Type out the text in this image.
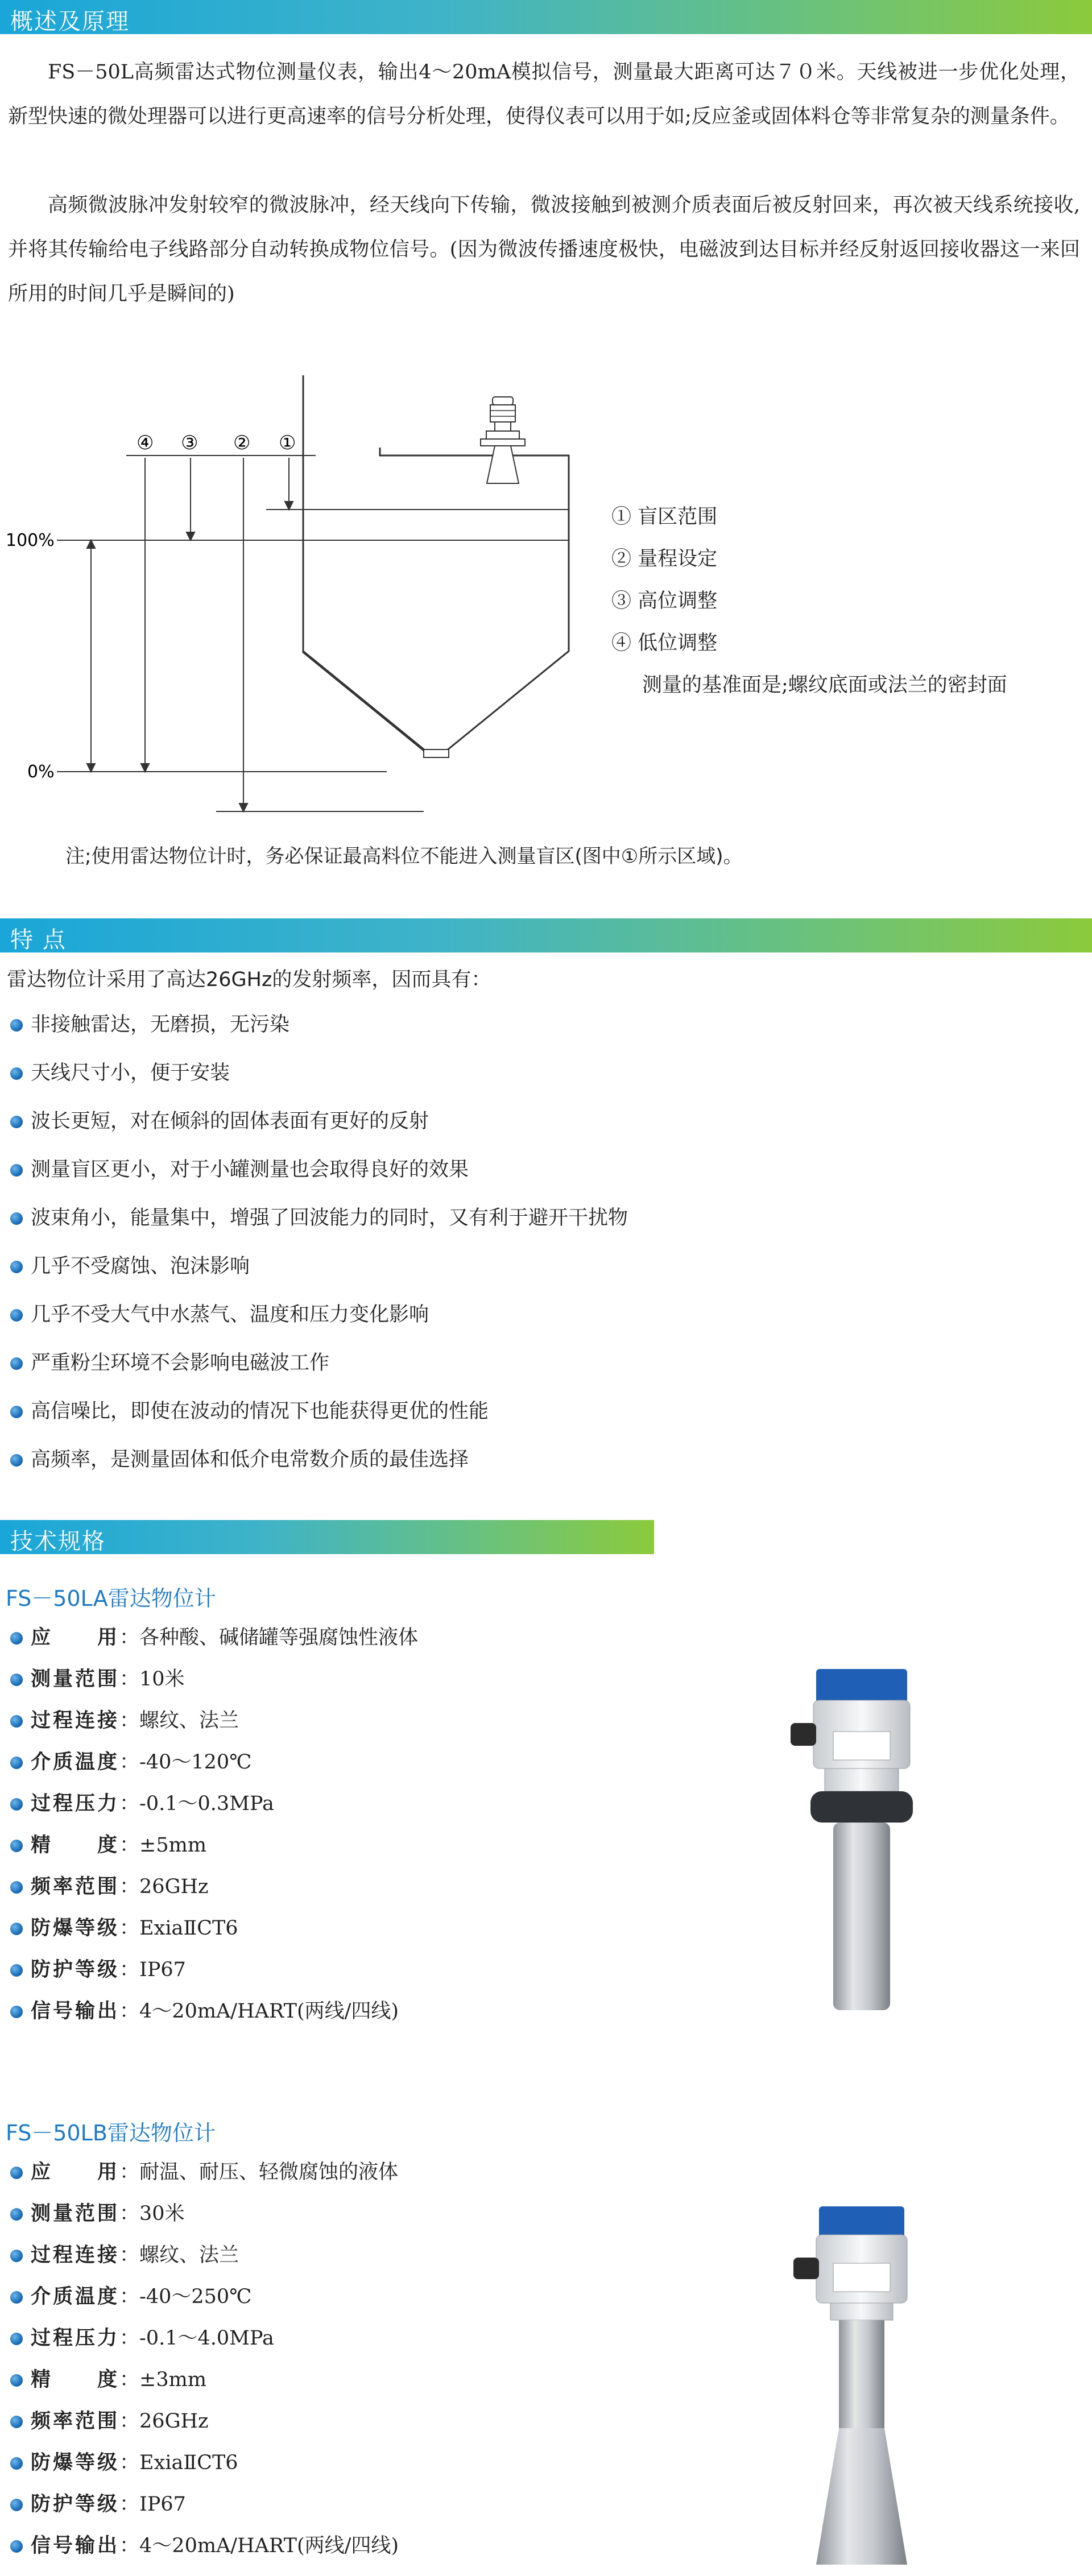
概述及原理

FS－50L高频雷达式物位测量仪表，输出4～20mA模拟信号，测量最大距离可达７０米。天线被进一步优化处理，新型快速的微处理器可以进行更高速率的信号分析处理，使得仪表可以用于如;反应釜或固体料仓等非常复杂的测量条件。

高频微波脉冲发射较窄的微波脉冲，经天线向下传输，微波接触到被测介质表面后被反射回来，再次被天线系统接收,并将其传输给电子线路部分自动转换成物位信号。(因为微波传播速度极快，电磁波到达目标并经反射返回接收器这一来回所用的时间几乎是瞬间的)

④ ③ ② ①
100%
0%
① 盲区范围
② 量程设定
③ 高位调整
④ 低位调整
测量的基准面是;螺纹底面或法兰的密封面
注;使用雷达物位计时，务必保证最高料位不能进入测量盲区(图中①所示区域)。
特 点
雷达物位计采用了高达26GHz的发射频率，因而具有：
非接触雷达，无磨损，无污染
天线尺寸小，便于安装
波长更短，对在倾斜的固体表面有更好的反射
测量盲区更小，对于小罐测量也会取得良好的效果
波束角小，能量集中，增强了回波能力的同时，又有利于避开干扰物
几乎不受腐蚀、泡沫影响
几乎不受大气中水蒸气、温度和压力变化影响
严重粉尘环境不会影响电磁波工作
高信噪比，即使在波动的情况下也能获得更优的性能
高频率，是测量固体和低介电常数介质的最佳选择
技术规格
FS－50LA雷达物位计
应　　用：各种酸、碱储罐等强腐蚀性液体
测量范围：10米
过程连接：螺纹、法兰
介质温度：-40～120℃
过程压力：-0.1～0.3MPa
精　　度：±5mm
频率范围：26GHz
防爆等级：ExiaⅡCT6
防护等级：IP67
信号输出：4～20mA/HART(两线/四线)
FS－50LB雷达物位计
应　　用：耐温、耐压、轻微腐蚀的液体
测量范围：30米
过程连接：螺纹、法兰
介质温度：-40～250℃
过程压力：-0.1～4.0MPa
精　　度：±3mm
频率范围：26GHz
防爆等级：ExiaⅡCT6
防护等级：IP67
信号输出：4～20mA/HART(两线/四线)
